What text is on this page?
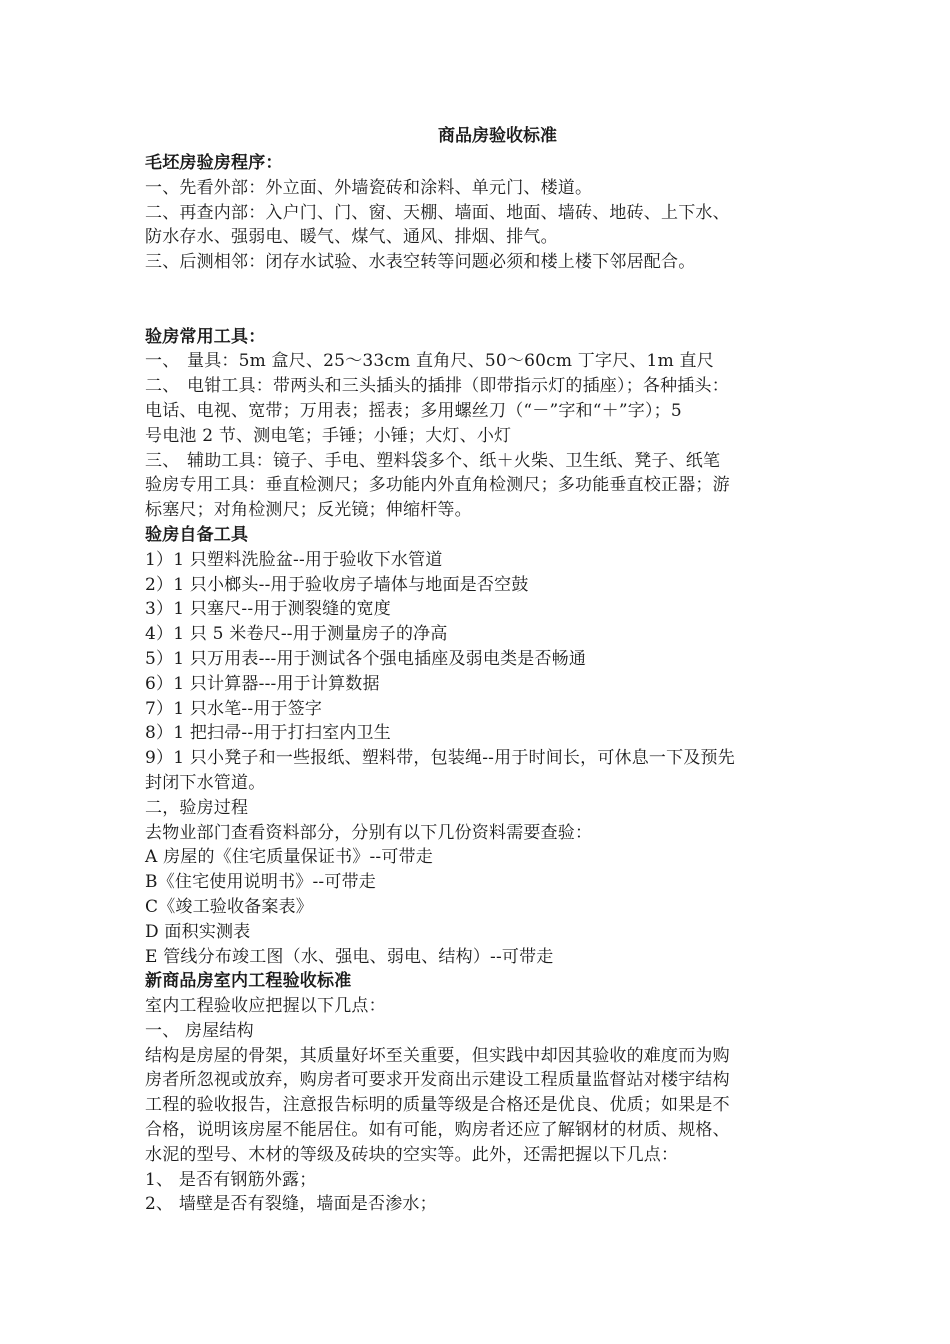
商品房验收标准
毛坯房验房程序：
一、先看外部：外立面、外墙瓷砖和涂料、单元门、楼道。
二、再查内部：入户门、门、窗、天棚、墙面、地面、墙砖、地砖、上下水、
防水存水、强弱电、暖气、煤气、通风、排烟、排气。
三、后测相邻：闭存水试验、水表空转等问题必须和楼上楼下邻居配合。
验房常用工具：
一、 量具：5m 盒尺、25～33cm 直角尺、50～60cm 丁字尺、1m 直尺
二、 电钳工具：带两头和三头插头的插排（即带指示灯的插座）；各种插头：
电话、电视、宽带；万用表；摇表；多用螺丝刀（“－”字和“＋”字）；5
号电池 2 节、测电笔；手锤；小锤；大灯、小灯
三、 辅助工具：镜子、手电、塑料袋多个、纸＋火柴、卫生纸、凳子、纸笔
验房专用工具：垂直检测尺；多功能内外直角检测尺；多功能垂直校正器；游
标塞尺；对角检测尺；反光镜；伸缩杆等。
验房自备工具
1）1 只塑料洗脸盆--用于验收下水管道
2）1 只小榔头--用于验收房子墙体与地面是否空鼓
3）1 只塞尺--用于测裂缝的宽度
4）1 只 5 米卷尺--用于测量房子的净高
5）1 只万用表---用于测试各个强电插座及弱电类是否畅通
6）1 只计算器---用于计算数据
7）1 只水笔--用于签字
8）1 把扫帚--用于打扫室内卫生
9）1 只小凳子和一些报纸、塑料带，包装绳--用于时间长，可休息一下及预先
封闭下水管道。
二，验房过程
去物业部门查看资料部分，分别有以下几份资料需要查验：
A 房屋的《住宅质量保证书》--可带走
B《住宅使用说明书》--可带走
C《竣工验收备案表》
D 面积实测表
E 管线分布竣工图（水、强电、弱电、结构）--可带走
新商品房室内工程验收标准
室内工程验收应把握以下几点：
一、 房屋结构
结构是房屋的骨架，其质量好坏至关重要，但实践中却因其验收的难度而为购
房者所忽视或放弃，购房者可要求开发商出示建设工程质量监督站对楼宇结构
工程的验收报告，注意报告标明的质量等级是合格还是优良、优质；如果是不
合格，说明该房屋不能居住。如有可能，购房者还应了解钢材的材质、规格、
水泥的型号、木材的等级及砖块的空实等。此外，还需把握以下几点：
1、 是否有钢筋外露；
2、 墙壁是否有裂缝，墙面是否渗水；
